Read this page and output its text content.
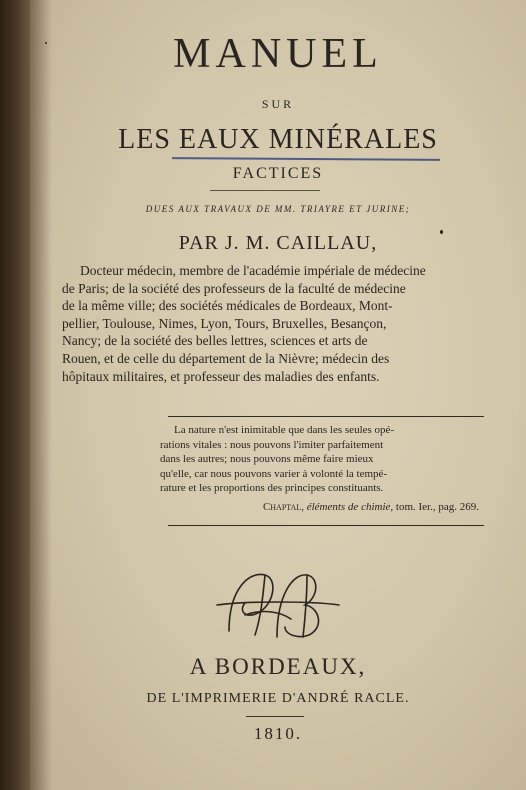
MANUEL
SUR
LES EAUX MINÉRALES
FACTICES
DUES AUX TRAVAUX DE MM. TRIAYRE ET JURINE;
PAR J. M. CAILLAU,
Docteur médecin, membre de l'académie impériale de médecine
de Paris; de la société des professeurs de la faculté de médecine
de la même ville; des sociétés médicales de Bordeaux, Mont-
pellier, Toulouse, Nimes, Lyon, Tours, Bruxelles, Besançon,
Nancy; de la société des belles lettres, sciences et arts de
Rouen, et de celle du département de la Nièvre; médecin des
hôpitaux militaires, et professeur des maladies des enfants.
La nature n'est inimitable que dans les seules opé-
rations vitales : nous pouvons l'imiter parfaitement
dans les autres; nous pouvons même faire mieux
qu'elle, car nous pouvons varier à volonté la tempé-
rature et les proportions des principes constituants.
Chaptal, éléments de chimie, tom. Ier., pag. 269.
A BORDEAUX,
DE L'IMPRIMERIE D'ANDRÉ RACLE.
1810.
